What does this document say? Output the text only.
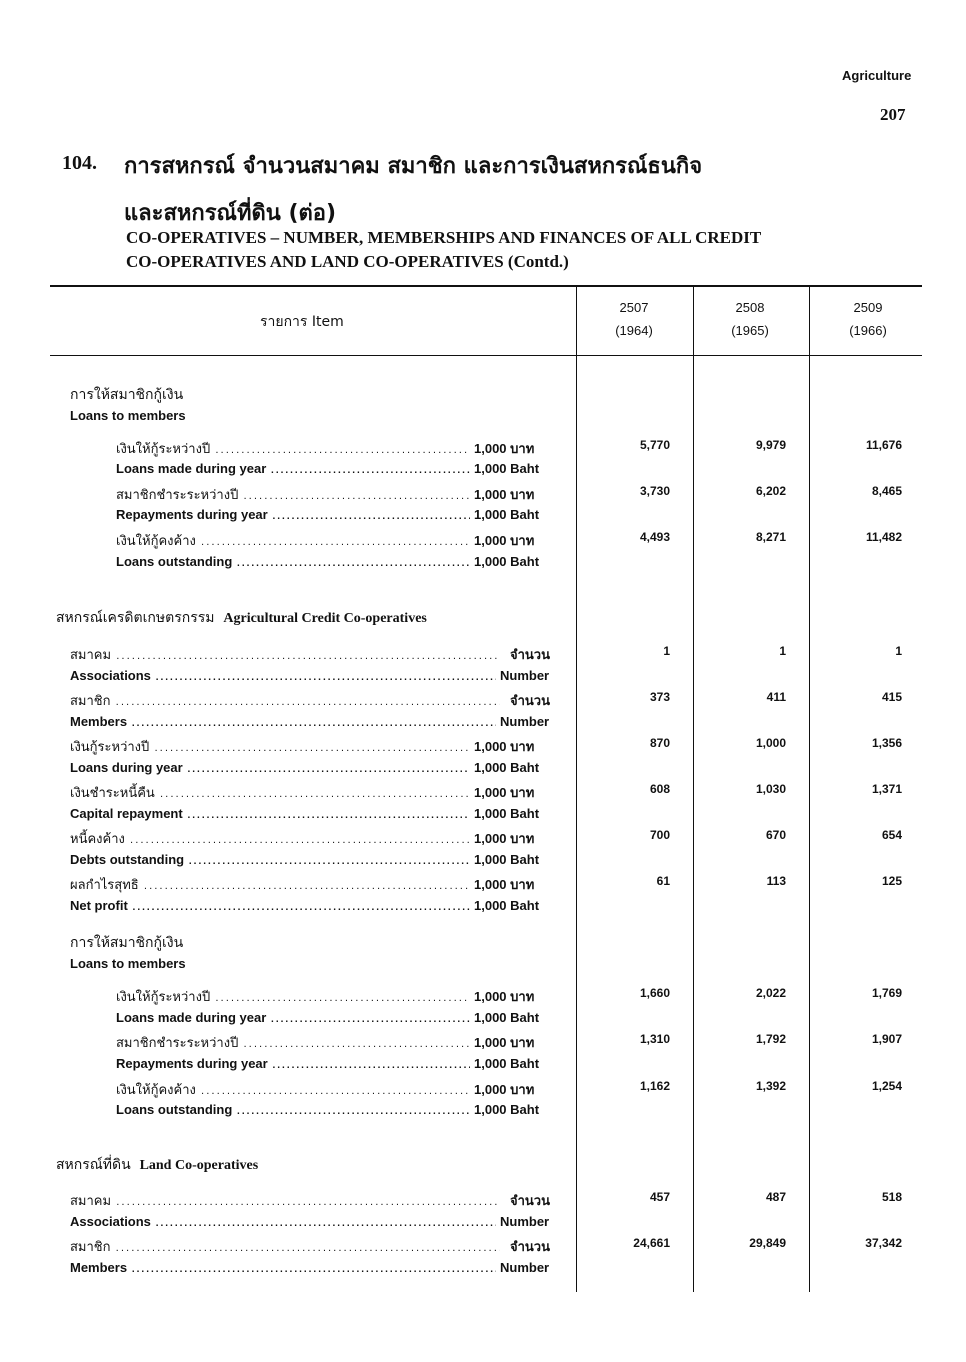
Agriculture
207
104. การสหกรณ์ จำนวนสมาคม สมาชิก และการเงินสหกรณ์ธนกิจ
และสหกรณ์ที่ดิน (ต่อ)
CO-OPERATIVES – NUMBER, MEMBERSHIPS AND FINANCES OF ALL CREDIT
CO-OPERATIVES AND LAND CO-OPERATIVES (Contd.)
รายการ Item
2507
(1964)
2508
(1965)
2509
(1966)
การให้สมาชิกกู้เงิน
Loans to members
เงินให้กู้ระหว่างปี .....	1,000 บาท	5,770	9,979	11,676
Loans made during year .....	1,000 Baht
สมาชิกชำระระหว่างปี .....	1,000 บาท	3,730	6,202	8,465
Repayments during year .....	1,000 Baht
เงินให้กู้คงค้าง .....	1,000 บาท	4,493	8,271	11,482
Loans outstanding .....	1,000 Baht
สหกรณ์เครดิตเกษตรกรรม Agricultural Credit Co-operatives
สมาคม .....	จำนวน	1	1	1
Associations .....	Number
สมาชิก .....	จำนวน	373	411	415
Members .....	Number
เงินกู้ระหว่างปี .....	1,000 บาท	870	1,000	1,356
Loans during year .....	1,000 Baht
เงินชำระหนี้คืน .....	1,000 บาท	608	1,030	1,371
Capital repayment .....	1,000 Baht
หนี้คงค้าง .....	1,000 บาท	700	670	654
Debts outstanding .....	1,000 Baht
ผลกำไรสุทธิ .....	1,000 บาท	61	113	125
Net profit .....	1,000 Baht
การให้สมาชิกกู้เงิน
Loans to members
เงินให้กู้ระหว่างปี .....	1,000 บาท	1,660	2,022	1,769
Loans made during year .....	1,000 Baht
สมาชิกชำระระหว่างปี .....	1,000 บาท	1,310	1,792	1,907
Repayments during year .....	1,000 Baht
เงินให้กู้คงค้าง .....	1,000 บาท	1,162	1,392	1,254
Loans outstanding .....	1,000 Baht
สหกรณ์ที่ดิน Land Co-operatives
สมาคม .....	จำนวน	457	487	518
Associations .....	Number
สมาชิก .....	จำนวน	24,661	29,849	37,342
Members .....	Number
